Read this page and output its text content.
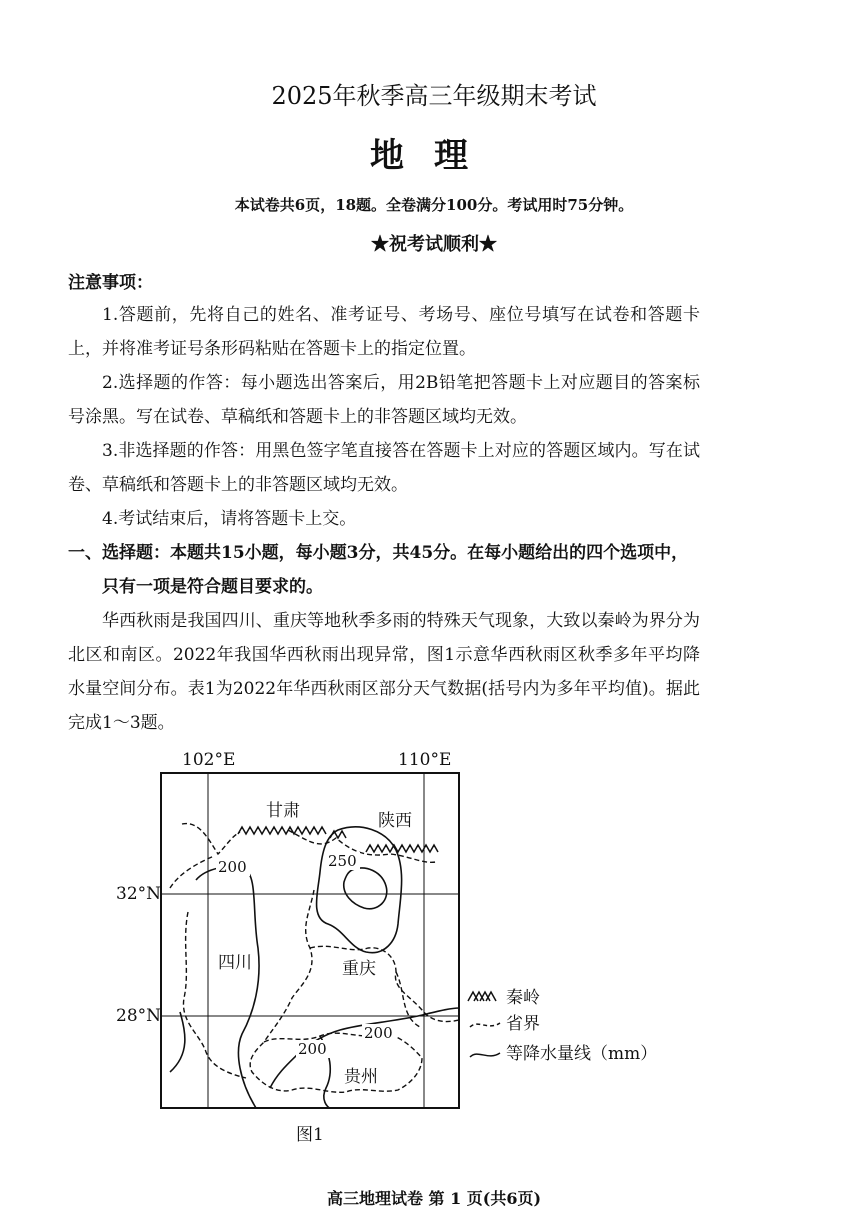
2025年秋季高三年级期末考试
地理
本试卷共6页，18题。全卷满分100分。考试用时75分钟。
★祝考试顺利★
注意事项：
1.答题前，先将自己的姓名、准考证号、考场号、座位号填写在试卷和答题卡上，并将准考证号条形码粘贴在答题卡上的指定位置。
2.选择题的作答：每小题选出答案后，用2B铅笔把答题卡上对应题目的答案标号涂黑。写在试卷、草稿纸和答题卡上的非答题区域均无效。
3.非选择题的作答：用黑色签字笔直接答在答题卡上对应的答题区域内。写在试卷、草稿纸和答题卡上的非答题区域均无效。
4.考试结束后，请将答题卡上交。
一、选择题：本题共15小题，每小题3分，共45分。在每小题给出的四个选项中，
只有一项是符合题目要求的。
华西秋雨是我国四川、重庆等地秋季多雨的特殊天气现象，大致以秦岭为界分为北区和南区。2022年我国华西秋雨出现异常，图1示意华西秋雨区秋季多年平均降水量空间分布。表1为2022年华西秋雨区部分天气数据(括号内为多年平均值)。据此完成1～3题。
200	250
200
200
甘肃	陕西
四川	重庆
贵州
102°E	110°E
32°N
28°N
秦岭
省界
等降水量线（mm）
图1
高三地理试卷 第 1 页(共6页)
